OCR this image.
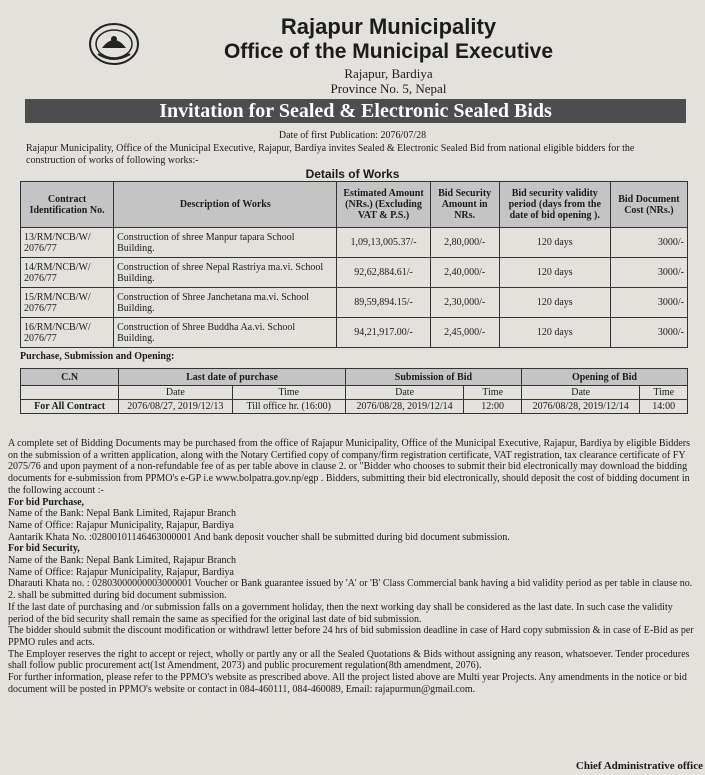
Rajapur Municipality
Office of the Municipal Executive
Rajapur, Bardiya
Province No. 5, Nepal
Invitation for Sealed & Electronic Sealed Bids
Date of first Publication: 2076/07/28
Rajapur Municipality, Office of the Municipal Executive, Rajapur, Bardiya invites Sealed & Electronic Sealed Bid from national eligible bidders for the construction of works of following works:-
Details of Works
Contract Identification No.	Description of Works	Estimated Amount (NRs.) (Excluding VAT & P.S.)	Bid Security Amount in NRs.	Bid security validity period (days from the date of bid opening ).	Bid Document Cost (NRs.)
13/RM/NCB/W/ 2076/77	Construction of shree Manpur tapara School Building.	1,09,13,005.37/-	2,80,000/-	120 days	3000/-
14/RM/NCB/W/ 2076/77	Construction of shree Nepal Rastriya ma.vi. School Building.	92,62,884.61/-	2,40,000/-	120 days	3000/-
15/RM/NCB/W/ 2076/77	Construction of Shree Janchetana ma.vi. School Building.	89,59,894.15/-	2,30,000/-	120 days	3000/-
16/RM/NCB/W/ 2076/77	Construction of Shree Buddha Aa.vi. School Building.	94,21,917.00/-	2,45,000/-	120 days	3000/-
Purchase, Submission and Opening:
C.N	Last date of purchase		Submission of Bid		Opening of Bid	
	Date	Time	Date	Time	Date	Time
For All Contract	2076/08/27, 2019/12/13	Till office hr. (16:00)	2076/08/28, 2019/12/14	12:00	2076/08/28, 2019/12/14	14:00

A complete set of Bidding Documents may be purchased from the office of Rajapur Municipality, Office of the Municipal Executive, Rajapur, Bardiya by eligible Bidders on the submission of a written application, along with the Notary Certified copy of company/firm registration certificate, VAT registration, tax clearance certificate of FY 2075/76 and upon payment of a non-refundable fee of as per table above in clause 2. or "Bidder who chooses to submit their bid electronically may download the bidding documents for e-submission from PPMO's e-GP i.e www.bolpatra.gov.np/egp . Bidders, submitting their bid electronically, should deposit the cost of bidding document in the following account :-

For bid Purchase,

Name of the Bank: Nepal Bank Limited, Rajapur Branch

Name of Office: Rajapur Municipality, Rajapur, Bardiya

Aantarik Khata No. :02800101146463000001 And bank deposit voucher shall be submitted during bid document submission.

For bid Security,

Name of the Bank: Nepal Bank Limited, Rajapur Branch

Name of Office: Rajapur Municipality, Rajapur, Bardiya

Dharauti Khata no. : 02803000000003000001 Voucher or Bank guarantee issued by 'A' or 'B' Class Commercial bank having a bid validity period as per table in clause no. 2. shall be submitted during bid document submission.

If the last date of purchasing and /or submission falls on a government holiday, then the next working day shall be considered as the last date. In such case the validity period of the bid security shall remain the same as specified for the original last date of bid submission.

The bidder should submit the discount modification or withdrawl letter before 24 hrs of bid submission deadline in case of Hard copy submission & in case of E-Bid as per PPMO rules and acts.

The Employer reserves the right to accept or reject, wholly or partly any or all the Sealed Quotations & Bids without assigning any reason, whatsoever. Tender procedures shall follow public procurement act(1st Amendment, 2073) and public procurement regulation(8th amendment, 2076).

For further information, please refer to the PPMO's website as prescribed above. All the project listed above are Multi year Projects. Any amendments in the notice or bid document will be posted in PPMO's website or contact in 084-460111, 084-460089, Email: rajapurmun@gmail.com.

Chief Administrative office
